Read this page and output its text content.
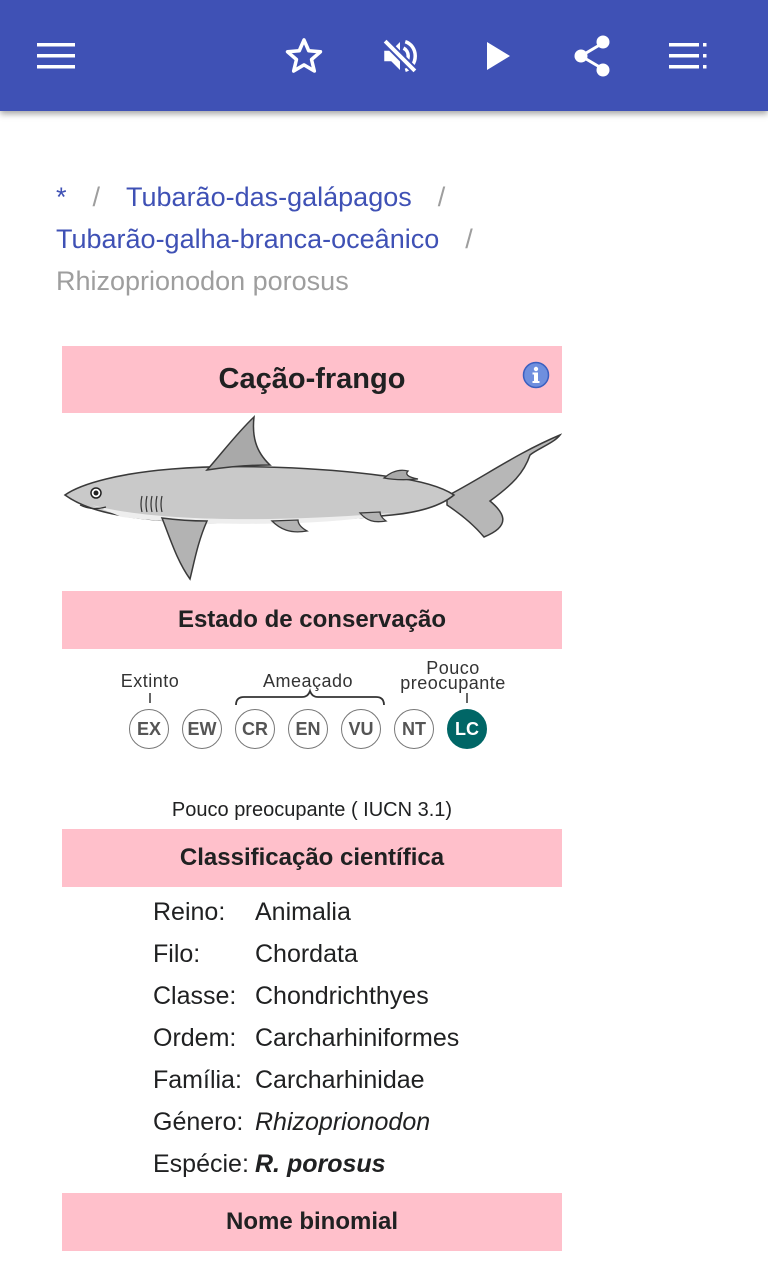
* / Tubarão-das-galápagos /
Tubarão-galha-branca-oceânico /
Rhizoprionodon porosus
Cação-frango
Estado de conservação
Extinto	Ameaçado
Pouco preocupante
EX	EW	CR	EN	VU	NT	LC
Pouco preocupante ( IUCN 3.1)
Classificação científica
Reino: Animalia
Filo: Chordata
Classe: Chondrichthyes
Ordem: Carcharhiniformes
Família: Carcharhinidae
Género: Rhizoprionodon
Espécie: R. porosus
Nome binomial
